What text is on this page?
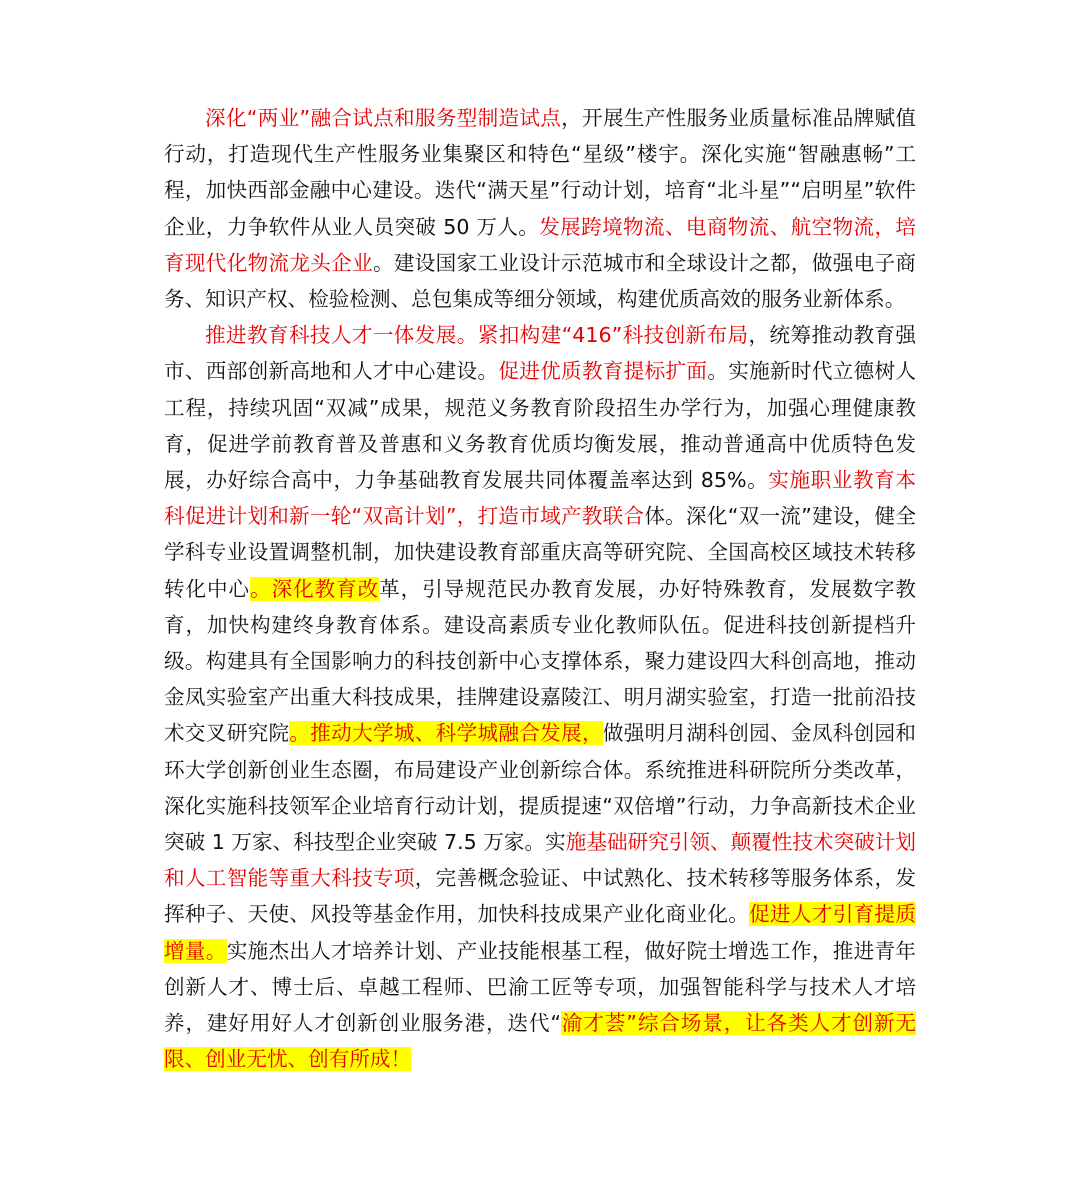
深化“两业”融合试点和服务型制造试点，开展生产性服务业质量标准品牌赋值行动，打造现代生产性服务业集聚区和特色“星级”楼宇。深化实施“智融惠畅”工程，加快西部金融中心建设。迭代“满天星”行动计划，培育“北斗星”“启明星”软件企业，力争软件从业人员突破 50 万人。发展跨境物流、电商物流、航空物流，培育现代化物流龙头企业。建设国家工业设计示范城市和全球设计之都，做强电子商务、知识产权、检验检测、总包集成等细分领域，构建优质高效的服务业新体系。

推进教育科技人才一体发展。紧扣构建“416”科技创新布局，统筹推动教育强市、西部创新高地和人才中心建设。促进优质教育提标扩面。实施新时代立德树人工程，持续巩固“双减”成果，规范义务教育阶段招生办学行为，加强心理健康教育，促进学前教育普及普惠和义务教育优质均衡发展，推动普通高中优质特色发展，办好综合高中，力争基础教育发展共同体覆盖率达到 85%。实施职业教育本科促进计划和新一轮“双高计划”，打造市域产教联合体。深化“双一流”建设，健全学科专业设置调整机制，加快建设教育部重庆高等研究院、全国高校区域技术转移转化中心。深化教育改革，引导规范民办教育发展，办好特殊教育，发展数字教育，加快构建终身教育体系。建设高素质专业化教师队伍。促进科技创新提档升级。构建具有全国影响力的科技创新中心支撑体系，聚力建设四大科创高地，推动金凤实验室产出重大科技成果，挂牌建设嘉陵江、明月湖实验室，打造一批前沿技术交叉研究院。推动大学城、科学城融合发展，做强明月湖科创园、金凤科创园和环大学创新创业生态圈，布局建设产业创新综合体。系统推进科研院所分类改革，深化实施科技领军企业培育行动计划，提质提速“双倍增”行动，力争高新技术企业突破 1 万家、科技型企业突破 7.5 万家。实施基础研究引领、颠覆性技术突破计划和人工智能等重大科技专项，完善概念验证、中试熟化、技术转移等服务体系，发挥种子、天使、风投等基金作用，加快科技成果产业化商业化。促进人才引育提质增量。实施杰出人才培养计划、产业技能根基工程，做好院士增选工作，推进青年创新人才、博士后、卓越工程师、巴渝工匠等专项，加强智能科学与技术人才培养，建好用好人才创新创业服务港，迭代“渝才荟”综合场景，让各类人才创新无限、创业无忧、创有所成！
